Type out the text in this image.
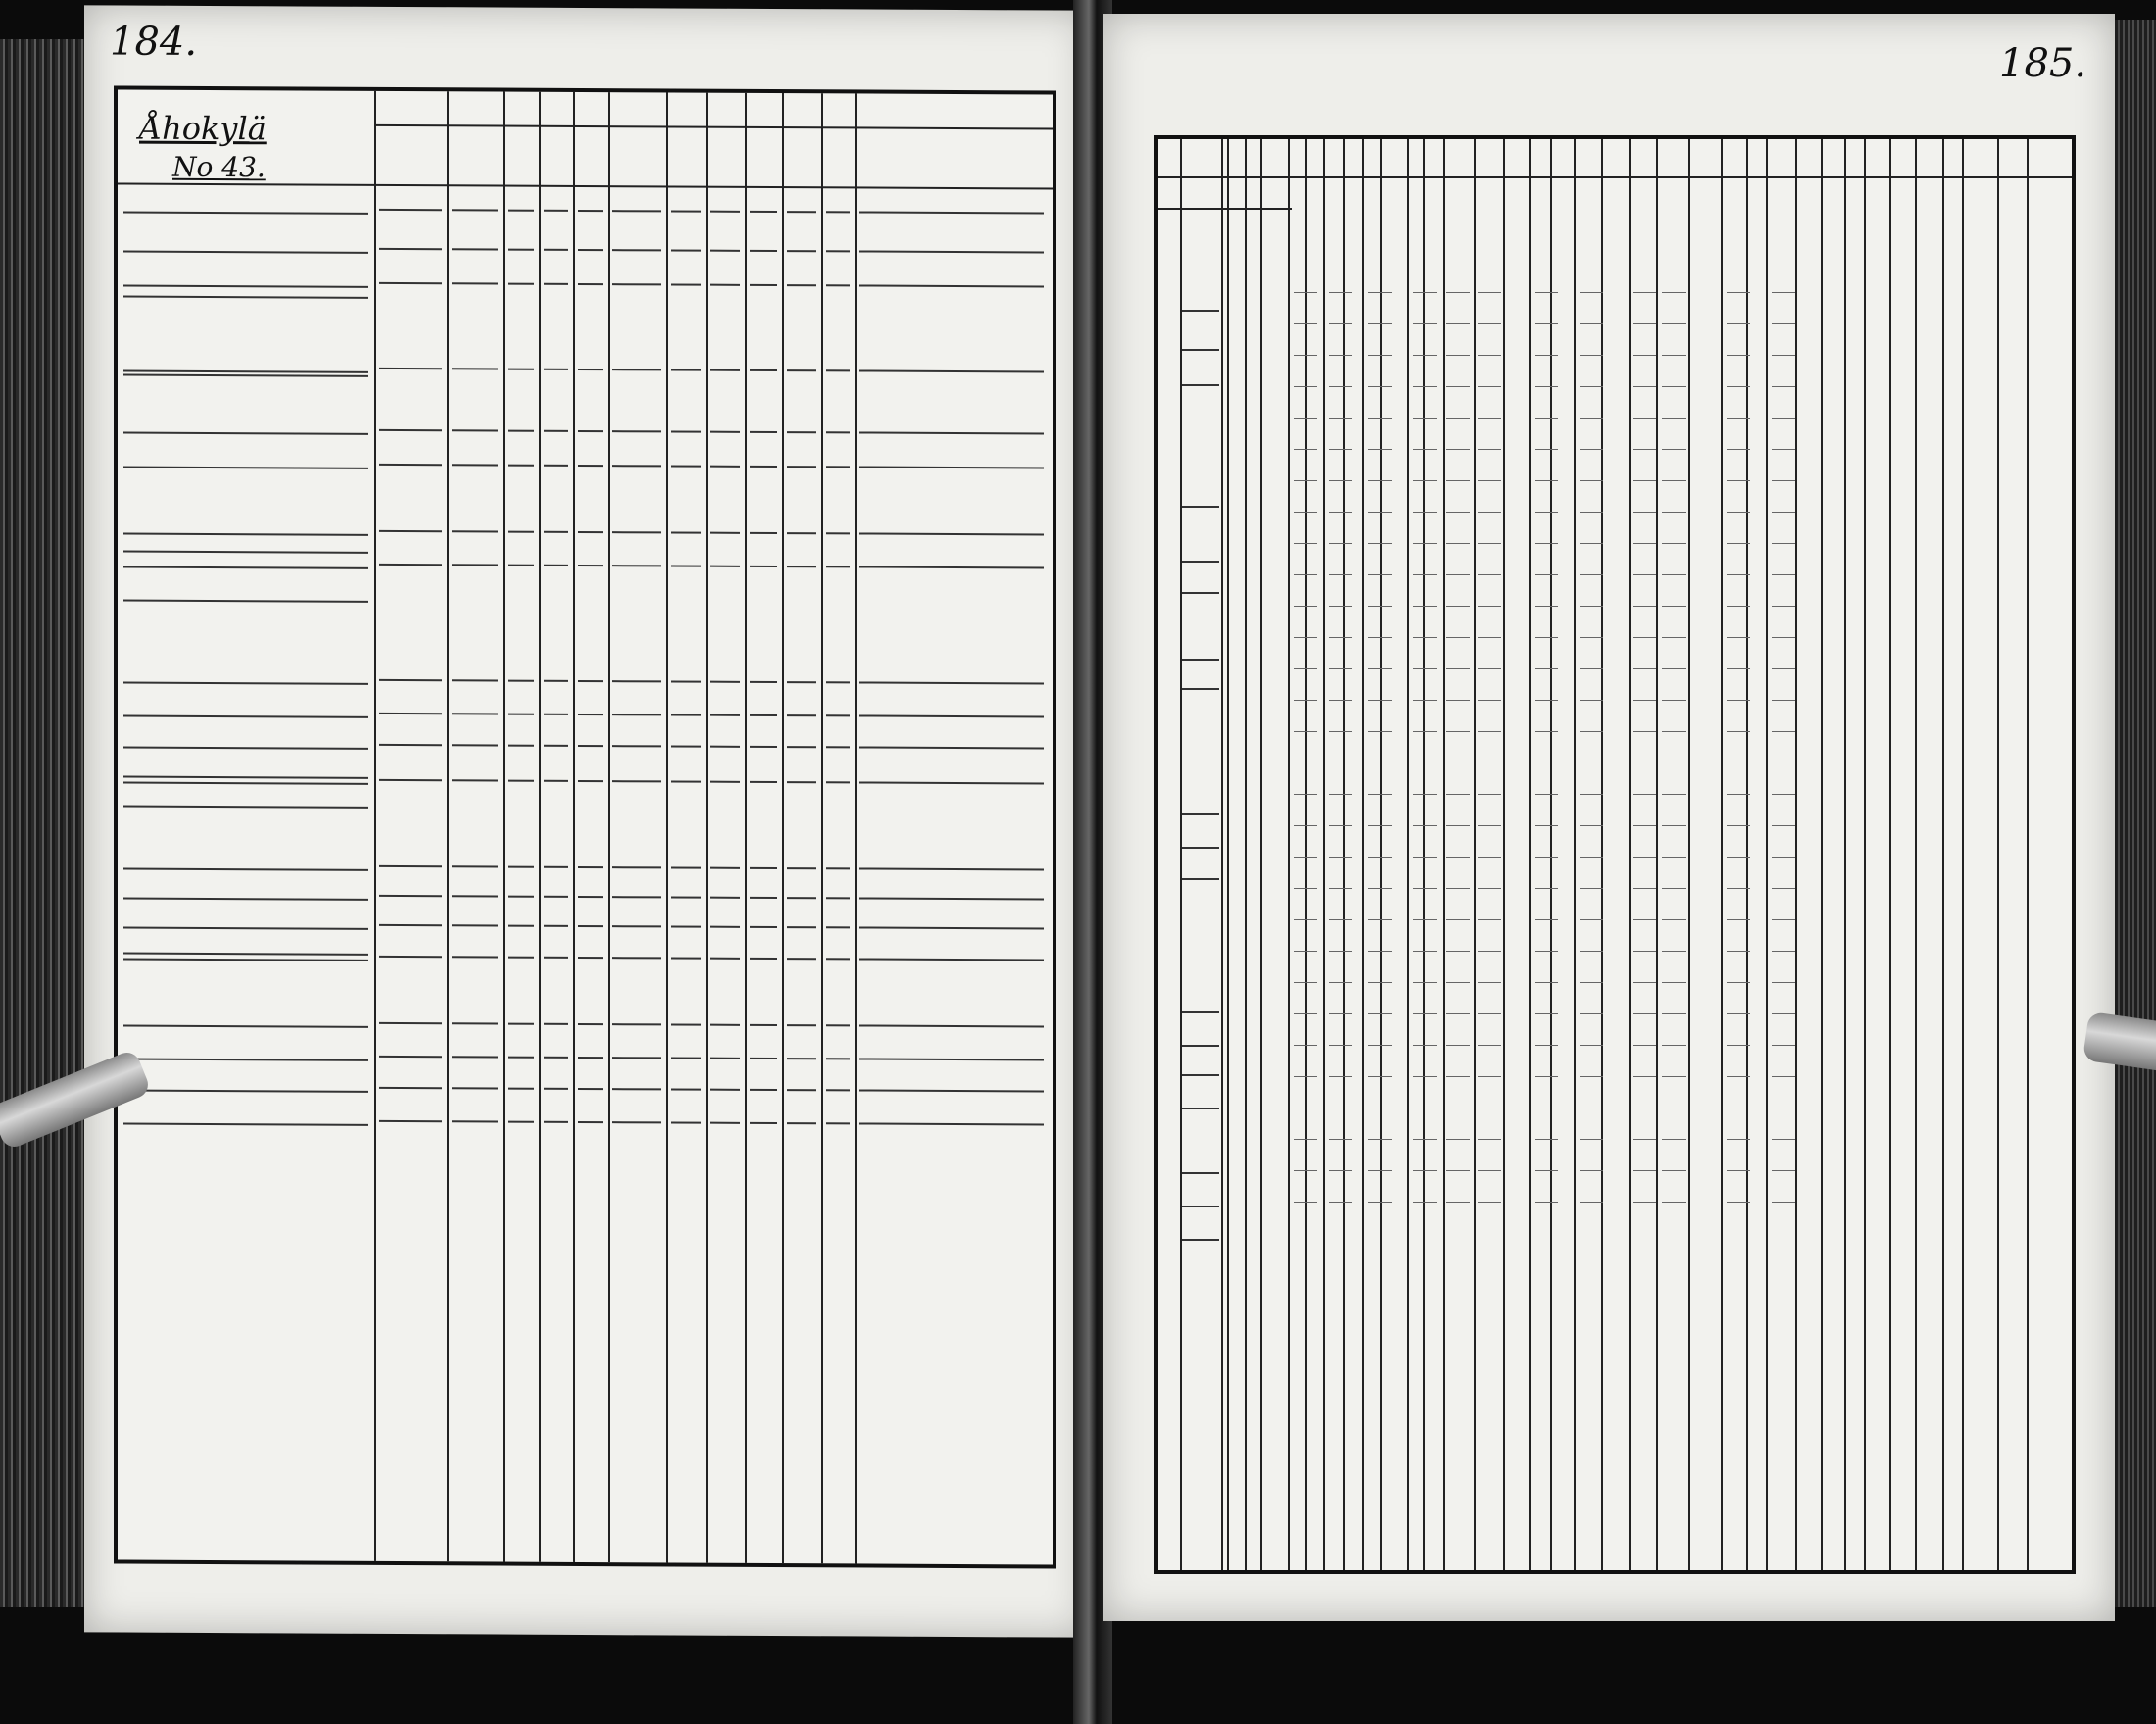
184.
Åhokylä
No 43.
185.
